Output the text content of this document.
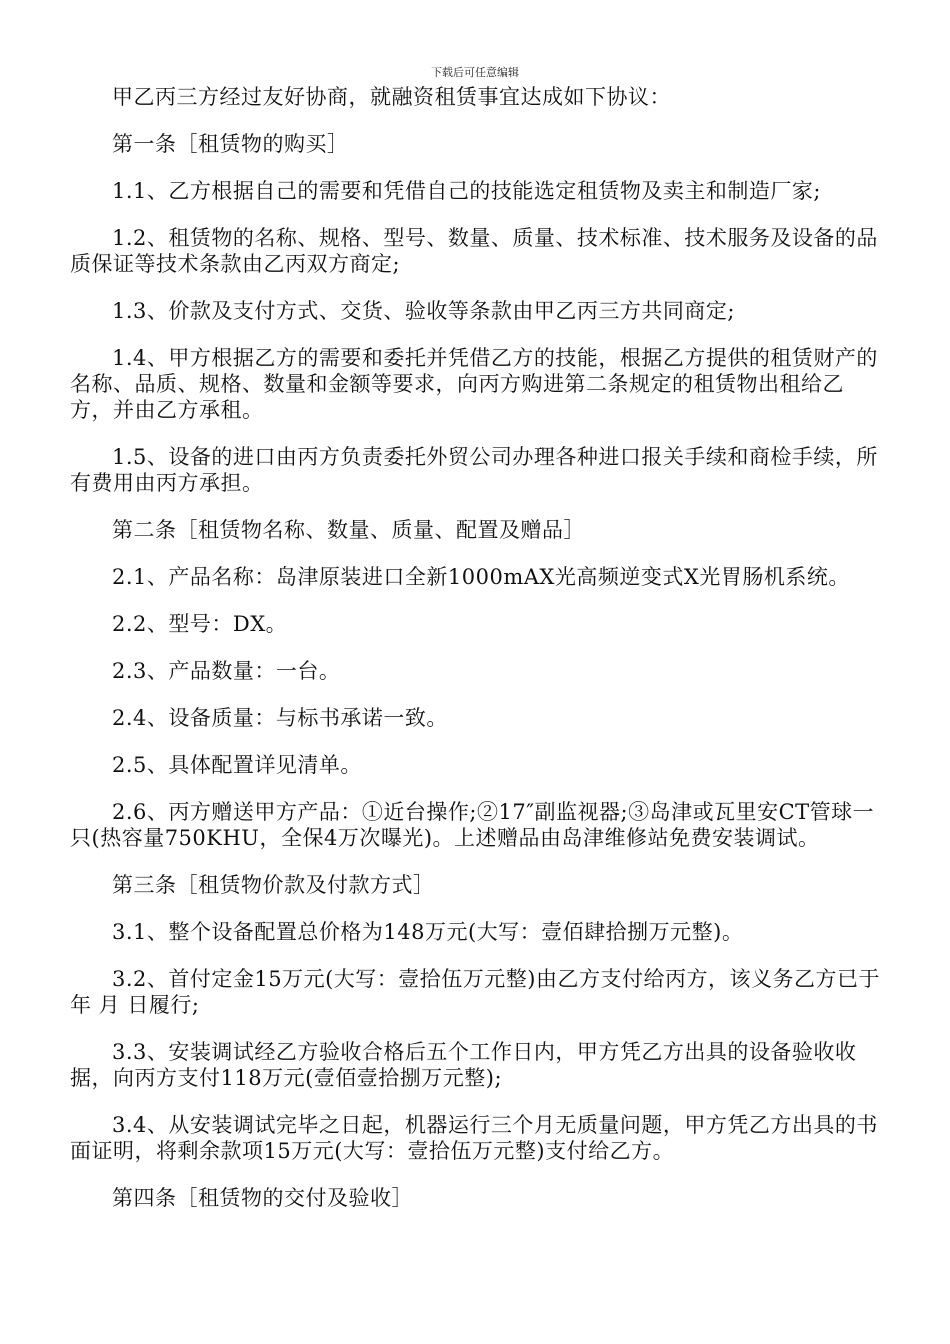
下载后可任意编辑

甲乙丙三方经过友好协商，就融资租赁事宜达成如下协议：

第一条［租赁物的购买］

1.1、乙方根据自己的需要和凭借自己的技能选定租赁物及卖主和制造厂家;

1.2、租赁物的名称、规格、型号、数量、质量、技术标准、技术服务及设备的品质保证等技术条款由乙丙双方商定;

1.3、价款及支付方式、交货、验收等条款由甲乙丙三方共同商定;

1.4、甲方根据乙方的需要和委托并凭借乙方的技能，根据乙方提供的租赁财产的名称、品质、规格、数量和金额等要求，向丙方购进第二条规定的租赁物出租给乙方，并由乙方承租。

1.5、设备的进口由丙方负责委托外贸公司办理各种进口报关手续和商检手续，所有费用由丙方承担。

第二条［租赁物名称、数量、质量、配置及赠品］

2.1、产品名称：岛津原装进口全新1000mAX光高频逆变式X光胃肠机系统。

2.2、型号：DX。

2.3、产品数量：一台。

2.4、设备质量：与标书承诺一致。

2.5、具体配置详见清单。

2.6、丙方赠送甲方产品：①近台操作;②17″副监视器;③岛津或瓦里安CT管球一只(热容量750KHU，全保4万次曝光)。上述赠品由岛津维修站免费安装调试。

第三条［租赁物价款及付款方式］

3.1、整个设备配置总价格为148万元(大写：壹佰肆拾捌万元整)。

3.2、首付定金15万元(大写：壹拾伍万元整)由乙方支付给丙方，该义务乙方已于 年 月 日履行;

3.3、安装调试经乙方验收合格后五个工作日内，甲方凭乙方出具的设备验收收据，向丙方支付118万元(壹佰壹拾捌万元整);

3.4、从安装调试完毕之日起，机器运行三个月无质量问题，甲方凭乙方出具的书面证明，将剩余款项15万元(大写：壹拾伍万元整)支付给乙方。

第四条［租赁物的交付及验收］
